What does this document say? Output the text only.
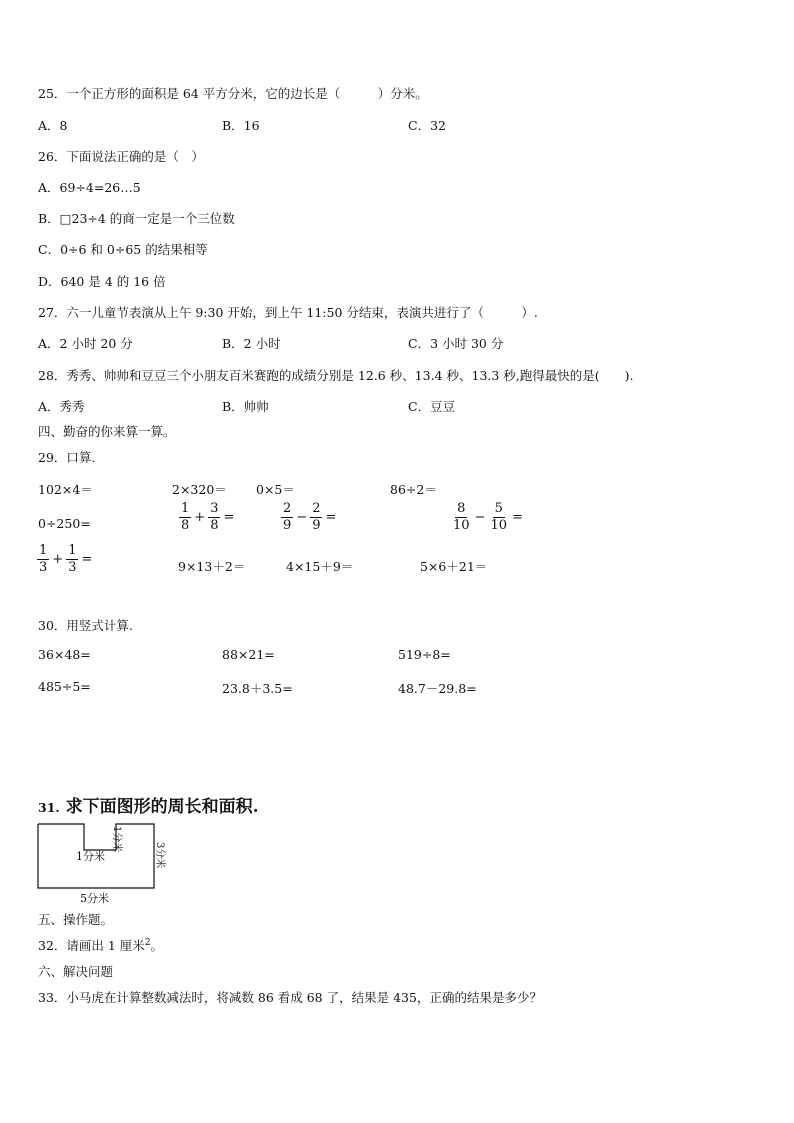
25．一个正方形的面积是 64 平方分米，它的边长是（　　　）分米。
A．8	B．16	C．32
26．下面说法正确的是（　）
A．69÷4=26…5
B．□23÷4 的商一定是一个三位数
C．0÷6 和 0÷65 的结果相等
D．640 是 4 的 16 倍
27．六一儿童节表演从上午 9:30 开始，到上午 11:50 分结束，表演共进行了（　　　）.
A．2 小时 20 分	B．2 小时	C．3 小时 30 分
28．秀秀、帅帅和豆豆三个小朋友百米赛跑的成绩分别是 12.6 秒、13.4 秒、13.3 秒,跑得最快的是(　　).
A．秀秀	B．帅帅	C．豆豆
四、勤奋的你来算一算。
29．口算.
102×4＝	2×320＝ 0×5＝	86÷2＝
0÷250=	$\frac{1}{8} + \frac{3}{8}$ =	$\frac{2}{9} - \frac{2}{9}$ =	$\frac{8}{10} - \frac{5}{10}$ =
$\frac{1}{3} + \frac{1}{3}$ =	9×13＋2＝	4×15＋9＝	5×6＋21＝
30．用竖式计算.
36×48=	88×21=	519÷8=
485÷5=	23.8＋3.5=	48.7－29.8=
31. 求下面图形的周长和面积.
1分米
1分米
3分米
5分米
五、操作题。
32．请画出 1 厘米$^2$。
六、解决问题
33．小马虎在计算整数减法时，将减数 86 看成 68 了，结果是 435，正确的结果是多少？
